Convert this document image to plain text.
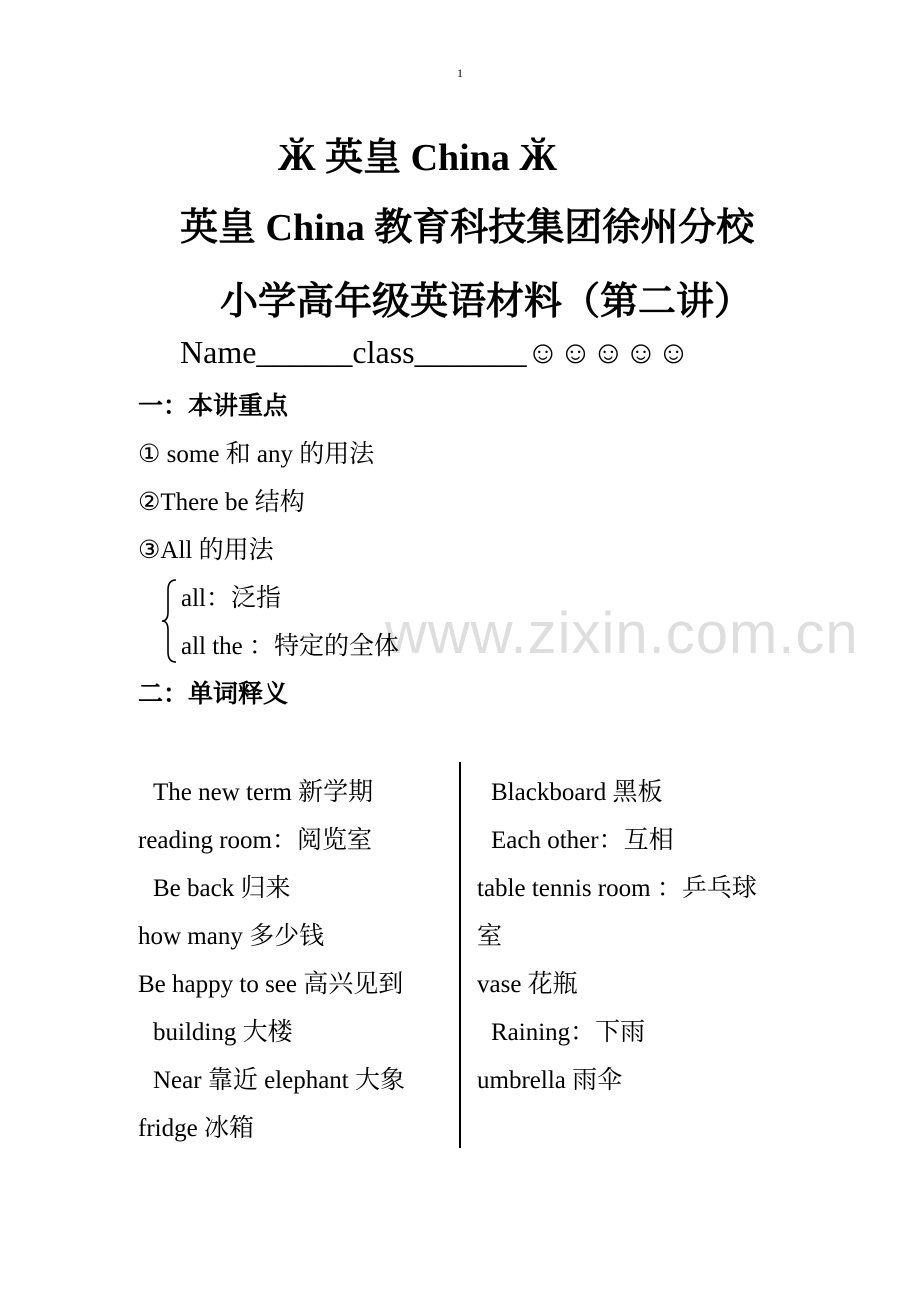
1
Ӂ 英皇 China Ӂ
英皇 China 教育科技集团徐州分校
小学高年级英语材料（第二讲）
Name______class_______☺☺☺☺☺
一：本讲重点
① some 和 any 的用法
②There be 结构
③All 的用法
all：泛指
all the ：特定的全体
二：单词释义
The new term 新学期
reading room：阅览室
Be back 归来
how many 多少钱
Be happy to see 高兴见到
building 大楼
Near 靠近 elephant 大象
fridge 冰箱
Blackboard 黑板
Each other：互相
table tennis room ：乒乓球
室
vase 花瓶
Raining：下雨
umbrella 雨伞
www.zixin.com.cn
